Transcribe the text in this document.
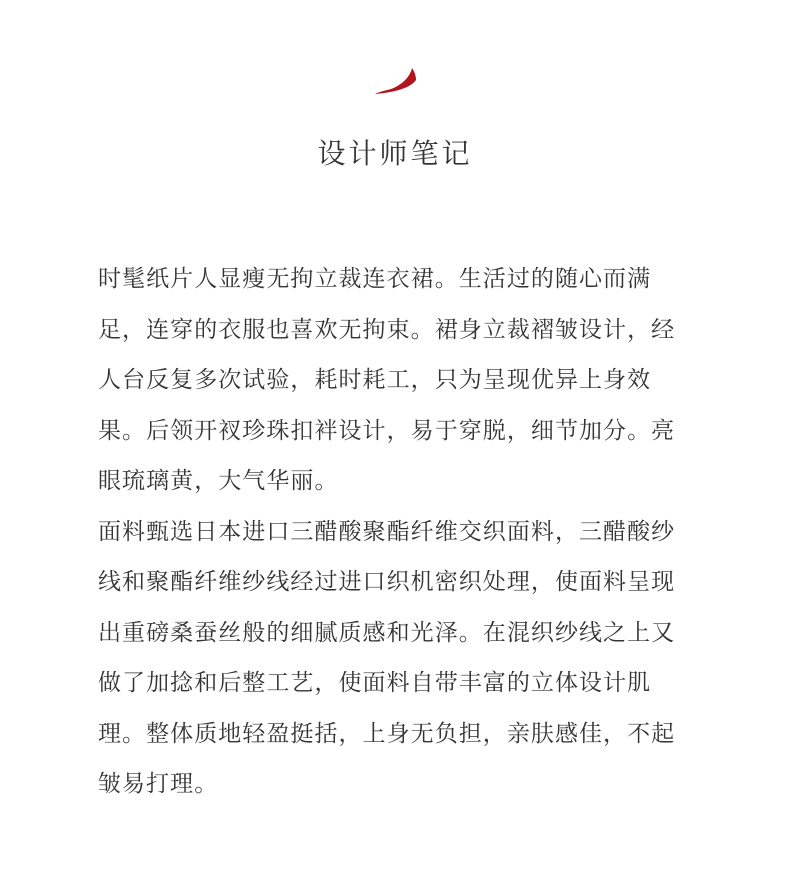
设计师笔记

时髦纸片人显瘦无拘立裁连衣裙。生活过的随心而满足，连穿的衣服也喜欢无拘束。裙身立裁褶皱设计，经人台反复多次试验，耗时耗工，只为呈现优异上身效果。后领开衩珍珠扣袢设计，易于穿脱，细节加分。亮眼琉璃黄，大气华丽。

面料甄选日本进口三醋酸聚酯纤维交织面料，三醋酸纱线和聚酯纤维纱线经过进口织机密织处理，使面料呈现出重磅桑蚕丝般的细腻质感和光泽。在混织纱线之上又做了加捻和后整工艺，使面料自带丰富的立体设计肌理。整体质地轻盈挺括，上身无负担，亲肤感佳，不起皱易打理。
